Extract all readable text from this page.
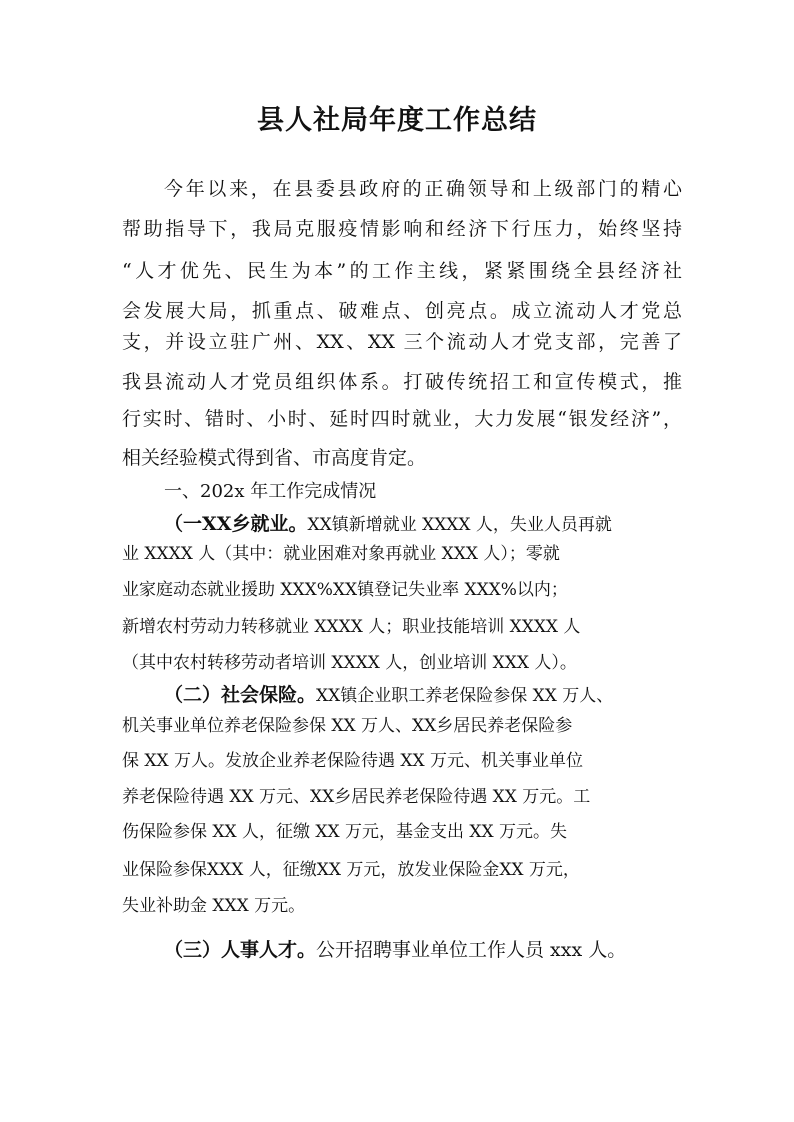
县人社局年度工作总结
今年以来，在县委县政府的正确领导和上级部门的精心
帮助指导下，我局克服疫情影响和经济下行压力，始终坚持
“人才优先、民生为本”的工作主线，紧紧围绕全县经济社
会发展大局，抓重点、破难点、创亮点。成立流动人才党总
支，并设立驻广州、XX、XX 三个流动人才党支部，完善了
我县流动人才党员组织体系。打破传统招工和宣传模式，推
行实时、错时、小时、延时四时就业，大力发展“银发经济”，
相关经验模式得到省、市高度肯定。
一、202x 年工作完成情况
（一XX乡就业。XX镇新增就业 XXXX 人，失业人员再就
业 XXXX 人（其中：就业困难对象再就业 XXX 人）；零就
业家庭动态就业援助 XXX%XX镇登记失业率 XXX%以内；
新增农村劳动力转移就业 XXXX 人；职业技能培训 XXXX 人
（其中农村转移劳动者培训 XXXX 人，创业培训 XXX 人）。
（二）社会保险。XX镇企业职工养老保险参保 XX 万人、
机关事业单位养老保险参保 XX 万人、XX乡居民养老保险参
保 XX 万人。发放企业养老保险待遇 XX 万元、机关事业单位
养老保险待遇 XX 万元、XX乡居民养老保险待遇 XX 万元。工
伤保险参保 XX 人，征缴 XX 万元，基金支出 XX 万元。失
业保险参保XXX 人，征缴XX 万元，放发业保险金XX 万元，
失业补助金 XXX 万元。
（三）人事人才。公开招聘事业单位工作人员 xxx 人。
